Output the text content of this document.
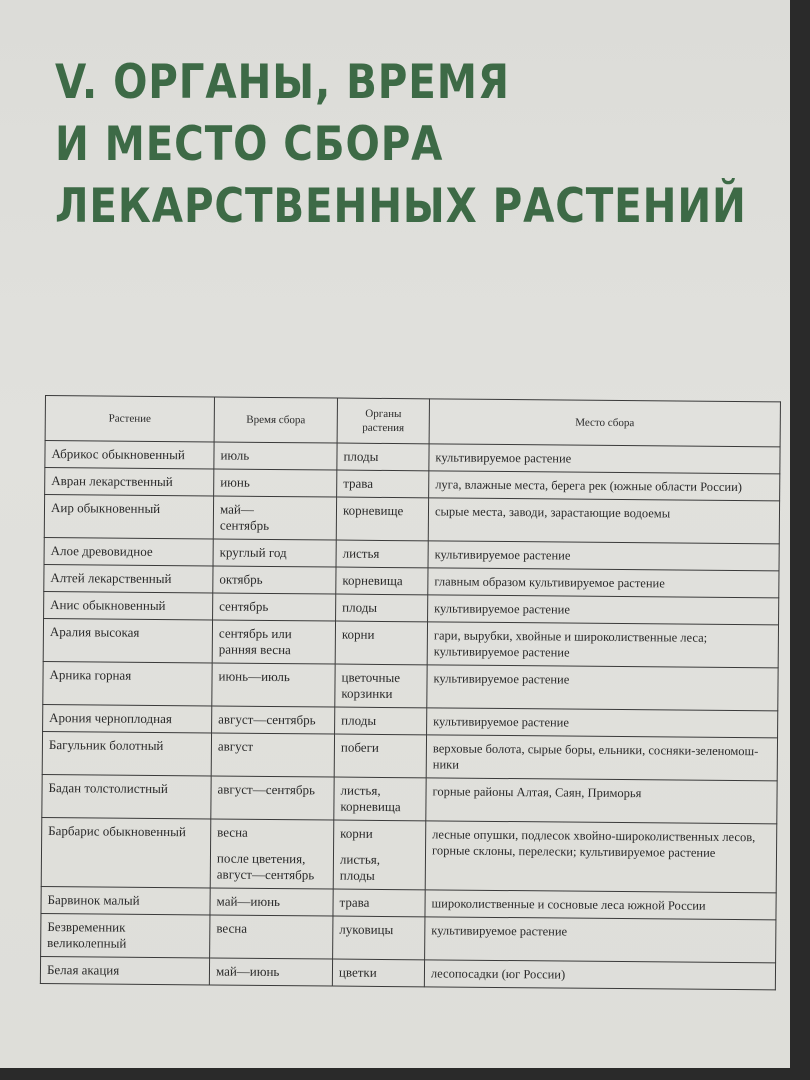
V. ОРГАНЫ, ВРЕМЯ
И МЕСТО СБОРА
ЛЕКАРСТВЕННЫХ РАСТЕНИЙ
Растение	Время сбора	Органы
растения	Место сбора

Абрикос обыкновенный	июль	плоды	культивируемое растение

Авран лекарственный	июнь	трава	луга, влажные места, берега рек (южные области России)

Аир обыкновенный	май—
сентябрь	корневище	сырые места, заводи, зарастающие водоемы

Алое древовидное	круглый год	листья	культивируемое растение

Алтей лекарственный	октябрь	корневища	главным образом культивируемое растение

Анис обыкновенный	сентябрь	плоды	культивируемое растение

Аралия высокая	сентябрь или
ранняя весна	корни	гари, вырубки, хвойные и широколиственные леса;
культивируемое растение

Арника горная	июнь—июль	цветочные
корзинки	культивируемое растение

Арония черноплодная	август—сентябрь	плоды	культивируемое растение

Багульник болотный	август	побеги	верховые болота, сырые боры, ельники, сосняки-зеленомош-
ники

Бадан толстолистный	август—сентябрь	листья,
корневища	горные районы Алтая, Саян, Приморья

Барбарис обыкновенный	весна
после цветения,
август—сентябрь	корни
листья,
плоды	лесные опушки, подлесок хвойно-широколиственных лесов,
горные склоны, перелески; культивируемое растение

Барвинок малый	май—июнь	трава	широколиственные и сосновые леса южной России

Безвременник
великолепный	весна	луковицы	культивируемое растение

Белая акация	май—июнь	цветки	лесопосадки (юг России)
